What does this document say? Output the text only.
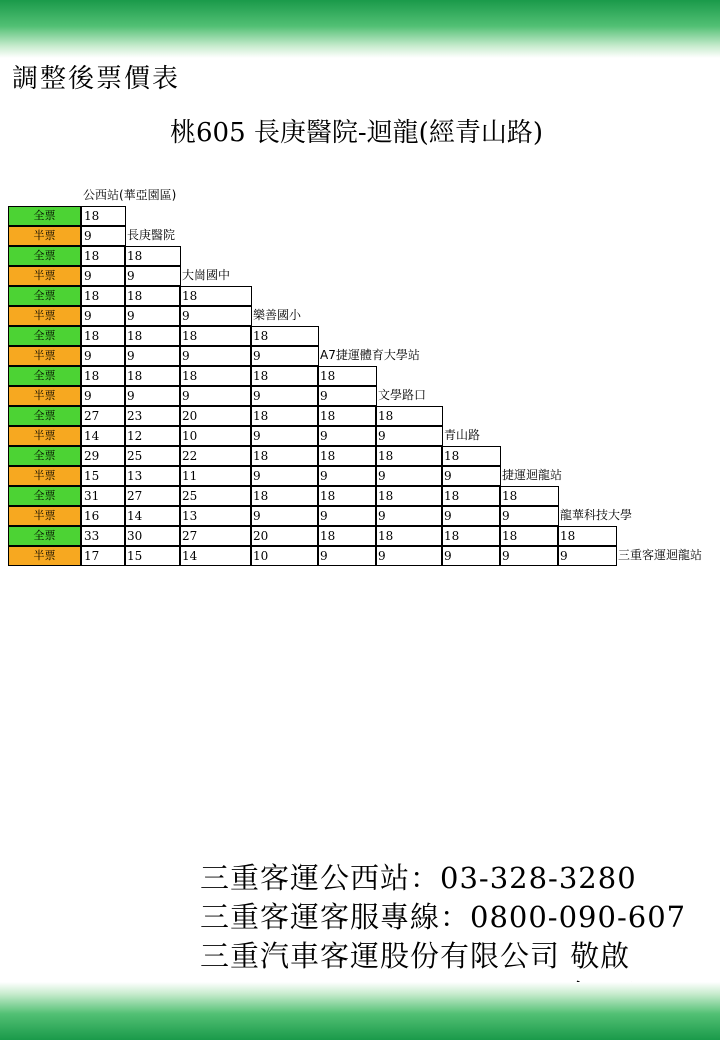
調整後票價表
桃605 長庚醫院-迴龍(經青山路)
公西站(華亞園區)
全票	18
半票	9	長庚醫院
全票	18	18
半票	9	9	大崗國中
全票	18	18	18
半票	9	9	9	樂善國小
全票	18	18	18	18
半票	9	9	9	9	A7捷運體育大學站
全票	18	18	18	18	18
半票	9	9	9	9	9	文學路口
全票	27	23	20	18	18	18
半票	14	12	10	9	9	9	青山路
全票	29	25	22	18	18	18	18
半票	15	13	11	9	9	9	9	捷運迴龍站
全票	31	27	25	18	18	18	18	18
半票	16	14	13	9	9	9	9	9	龍華科技大學
全票	33	30	27	20	18	18	18	18	18
半票	17	15	14	10	9	9	9	9	9	三重客運迴龍站
三重客運公西站：03-328-3280
三重客運客服專線：0800-090-607
三重汽車客運股份有限公司 敬啟
